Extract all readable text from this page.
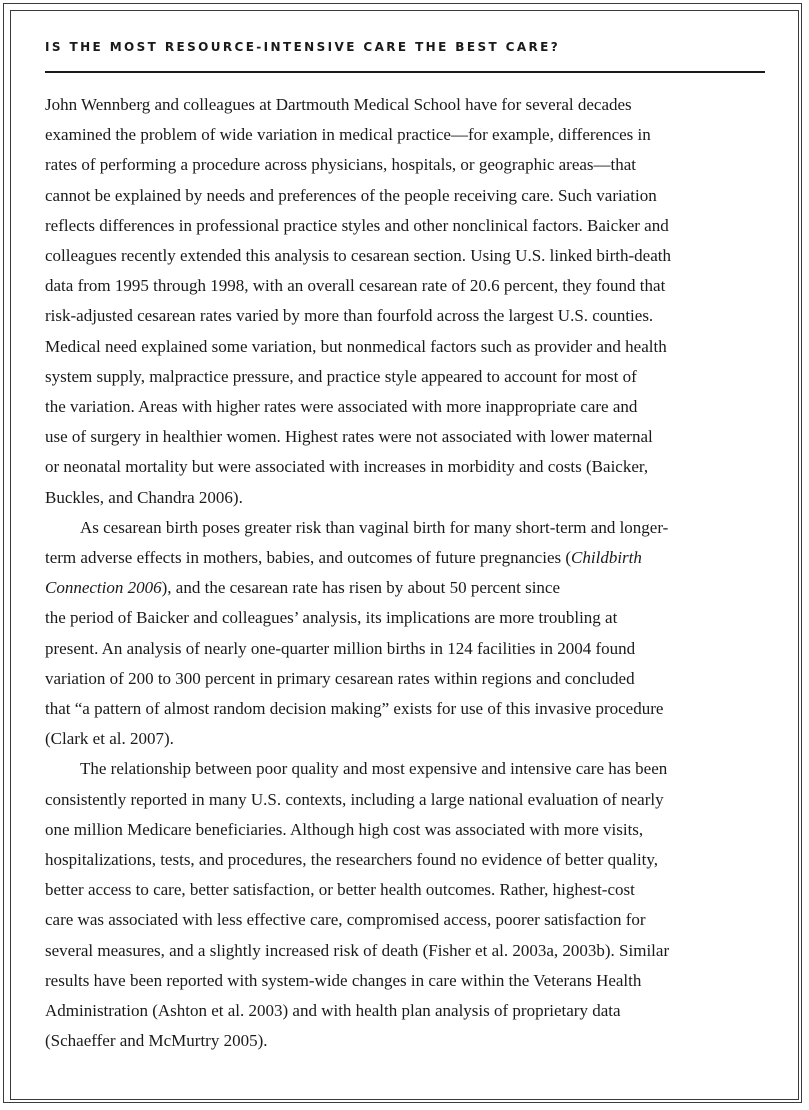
IS THE MOST RESOURCE-INTENSIVE CARE THE BEST CARE?
John Wennberg and colleagues at Dartmouth Medical School have for several decades
examined the problem of wide variation in medical practice—for example, differences in
rates of performing a procedure across physicians, hospitals, or geographic areas—that
cannot be explained by needs and preferences of the people receiving care. Such variation
reflects differences in professional practice styles and other nonclinical factors. Baicker and
colleagues recently extended this analysis to cesarean section. Using U.S. linked birth-death
data from 1995 through 1998, with an overall cesarean rate of 20.6 percent, they found that
risk-adjusted cesarean rates varied by more than fourfold across the largest U.S. counties.
Medical need explained some variation, but nonmedical factors such as provider and health
system supply, malpractice pressure, and practice style appeared to account for most of
the variation. Areas with higher rates were associated with more inappropriate care and
use of surgery in healthier women. Highest rates were not associated with lower maternal
or neonatal mortality but were associated with increases in morbidity and costs (Baicker,
Buckles, and Chandra 2006).
As cesarean birth poses greater risk than vaginal birth for many short-term and longer-
term adverse effects in mothers, babies, and outcomes of future pregnancies (Childbirth
Connection 2006), and the cesarean rate has risen by about 50 percent since
the period of Baicker and colleagues’ analysis, its implications are more troubling at
present. An analysis of nearly one-quarter million births in 124 facilities in 2004 found
variation of 200 to 300 percent in primary cesarean rates within regions and concluded
that “a pattern of almost random decision making” exists for use of this invasive procedure
(Clark et al. 2007).
The relationship between poor quality and most expensive and intensive care has been
consistently reported in many U.S. contexts, including a large national evaluation of nearly
one million Medicare beneficiaries. Although high cost was associated with more visits,
hospitalizations, tests, and procedures, the researchers found no evidence of better quality,
better access to care, better satisfaction, or better health outcomes. Rather, highest-cost
care was associated with less effective care, compromised access, poorer satisfaction for
several measures, and a slightly increased risk of death (Fisher et al. 2003a, 2003b). Similar
results have been reported with system-wide changes in care within the Veterans Health
Administration (Ashton et al. 2003) and with health plan analysis of proprietary data
(Schaeffer and McMurtry 2005).
